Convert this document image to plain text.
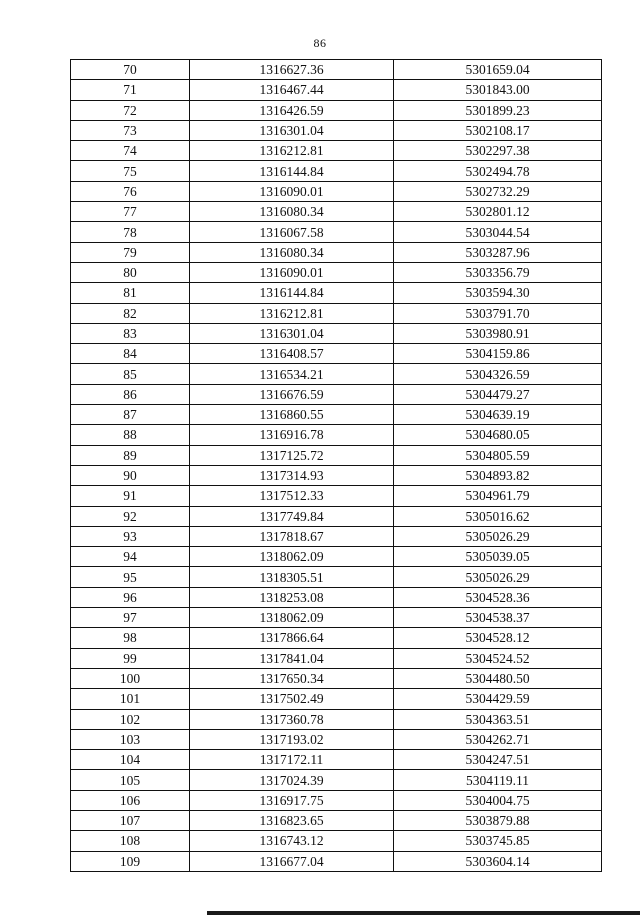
86
70	1316627.36	5301659.04
71	1316467.44	5301843.00
72	1316426.59	5301899.23
73	1316301.04	5302108.17
74	1316212.81	5302297.38
75	1316144.84	5302494.78
76	1316090.01	5302732.29
77	1316080.34	5302801.12
78	1316067.58	5303044.54
79	1316080.34	5303287.96
80	1316090.01	5303356.79
81	1316144.84	5303594.30
82	1316212.81	5303791.70
83	1316301.04	5303980.91
84	1316408.57	5304159.86
85	1316534.21	5304326.59
86	1316676.59	5304479.27
87	1316860.55	5304639.19
88	1316916.78	5304680.05
89	1317125.72	5304805.59
90	1317314.93	5304893.82
91	1317512.33	5304961.79
92	1317749.84	5305016.62
93	1317818.67	5305026.29
94	1318062.09	5305039.05
95	1318305.51	5305026.29
96	1318253.08	5304528.36
97	1318062.09	5304538.37
98	1317866.64	5304528.12
99	1317841.04	5304524.52
100	1317650.34	5304480.50
101	1317502.49	5304429.59
102	1317360.78	5304363.51
103	1317193.02	5304262.71
104	1317172.11	5304247.51
105	1317024.39	5304119.11
106	1316917.75	5304004.75
107	1316823.65	5303879.88
108	1316743.12	5303745.85
109	1316677.04	5303604.14
